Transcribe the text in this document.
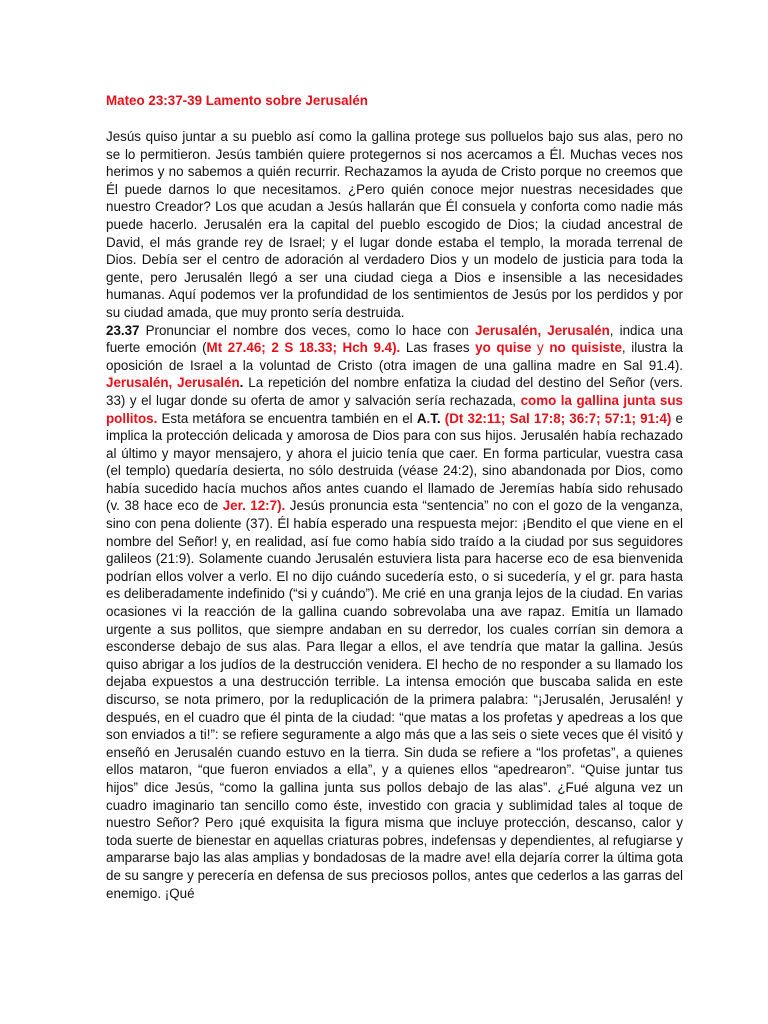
Mateo 23:37-39 Lamento sobre Jerusalén

Jesús quiso juntar a su pueblo así como la gallina protege sus polluelos bajo sus alas, pero no se lo permitieron. Jesús también quiere protegernos si nos acercamos a Él. Muchas veces nos herimos y no sabemos a quién recurrir. Rechazamos la ayuda de Cristo porque no creemos que Él puede darnos lo que necesitamos. ¿Pero quién conoce mejor nuestras necesidades que nuestro Creador? Los que acudan a Jesús hallarán que Él consuela y conforta como nadie más puede hacerlo. Jerusalén era la capital del pueblo escogido de Dios; la ciudad ancestral de David, el más grande rey de Israel; y el lugar donde estaba el templo, la morada terrenal de Dios. Debía ser el centro de adoración al verdadero Dios y un modelo de justicia para toda la gente, pero Jerusalén llegó a ser una ciudad ciega a Dios e insensible a las necesidades humanas. Aquí podemos ver la profundidad de los sentimientos de Jesús por los perdidos y por su ciudad amada, que muy pronto sería destruida.

23.37 Pronunciar el nombre dos veces, como lo hace con Jerusalén, Jerusalén, indica una fuerte emoción (Mt 27.46; 2 S 18.33; Hch 9.4). Las frases yo quise y no quisiste, ilustra la oposición de Israel a la voluntad de Cristo (otra imagen de una gallina madre en Sal 91.4). Jerusalén, Jerusalén. La repetición del nombre enfatiza la ciudad del destino del Señor (vers. 33) y el lugar donde su oferta de amor y salvación sería rechazada, como la gallina junta sus pollitos. Esta metáfora se encuentra también en el A.T. (Dt 32:11; Sal 17:8; 36:7; 57:1; 91:4) e implica la protección delicada y amorosa de Dios para con sus hijos. Jerusalén había rechazado al último y mayor mensajero, y ahora el juicio tenía que caer. En forma particular, vuestra casa (el templo) quedaría desierta, no sólo destruida (véase 24:2), sino abandonada por Dios, como había sucedido hacía muchos años antes cuando el llamado de Jeremías había sido rehusado (v. 38 hace eco de Jer. 12:7). Jesús pronuncia esta “sentencia” no con el gozo de la venganza, sino con pena doliente (37). Él había esperado una respuesta mejor: ¡Bendito el que viene en el nombre del Señor! y, en realidad, así fue como había sido traído a la ciudad por sus seguidores galileos (21:9). Solamente cuando Jerusalén estuviera lista para hacerse eco de esa bienvenida podrían ellos volver a verlo. El no dijo cuándo sucedería esto, o si sucedería, y el gr. para hasta es deliberadamente indefinido (“si y cuándo”). Me crié en una granja lejos de la ciudad. En varias ocasiones vi la reacción de la gallina cuando sobrevolaba una ave rapaz. Emitía un llamado urgente a sus pollitos, que siempre andaban en su derredor, los cuales corrían sin demora a esconderse debajo de sus alas. Para llegar a ellos, el ave tendría que matar la gallina. Jesús quiso abrigar a los judíos de la destrucción venidera. El hecho de no responder a su llamado los dejaba expuestos a una destrucción terrible. La intensa emoción que buscaba salida en este discurso, se nota primero, por la reduplicación de la primera palabra: “¡Jerusalén, Jerusalén! y después, en el cuadro que él pinta de la ciudad: “que matas a los profetas y apedreas a los que son enviados a ti!”: se refiere seguramente a algo más que a las seis o siete veces que él visitó y enseñó en Jerusalén cuando estuvo en la tierra. Sin duda se refiere a “los profetas”, a quienes ellos mataron, “que fueron enviados a ella”, y a quienes ellos “apedrearon”. “Quise juntar tus hijos” dice Jesús, “como la gallina junta sus pollos debajo de las alas”. ¿Fué alguna vez un cuadro imaginario tan sencillo como éste, investido con gracia y sublimidad tales al toque de nuestro Señor? Pero ¡qué exquisita la figura misma que incluye protección, descanso, calor y toda suerte de bienestar en aquellas criaturas pobres, indefensas y dependientes, al refugiarse y ampararse bajo las alas amplias y bondadosas de la madre ave! ella dejaría correr la última gota de su sangre y perecería en defensa de sus preciosos pollos, antes que cederlos a las garras del enemigo. ¡Qué
